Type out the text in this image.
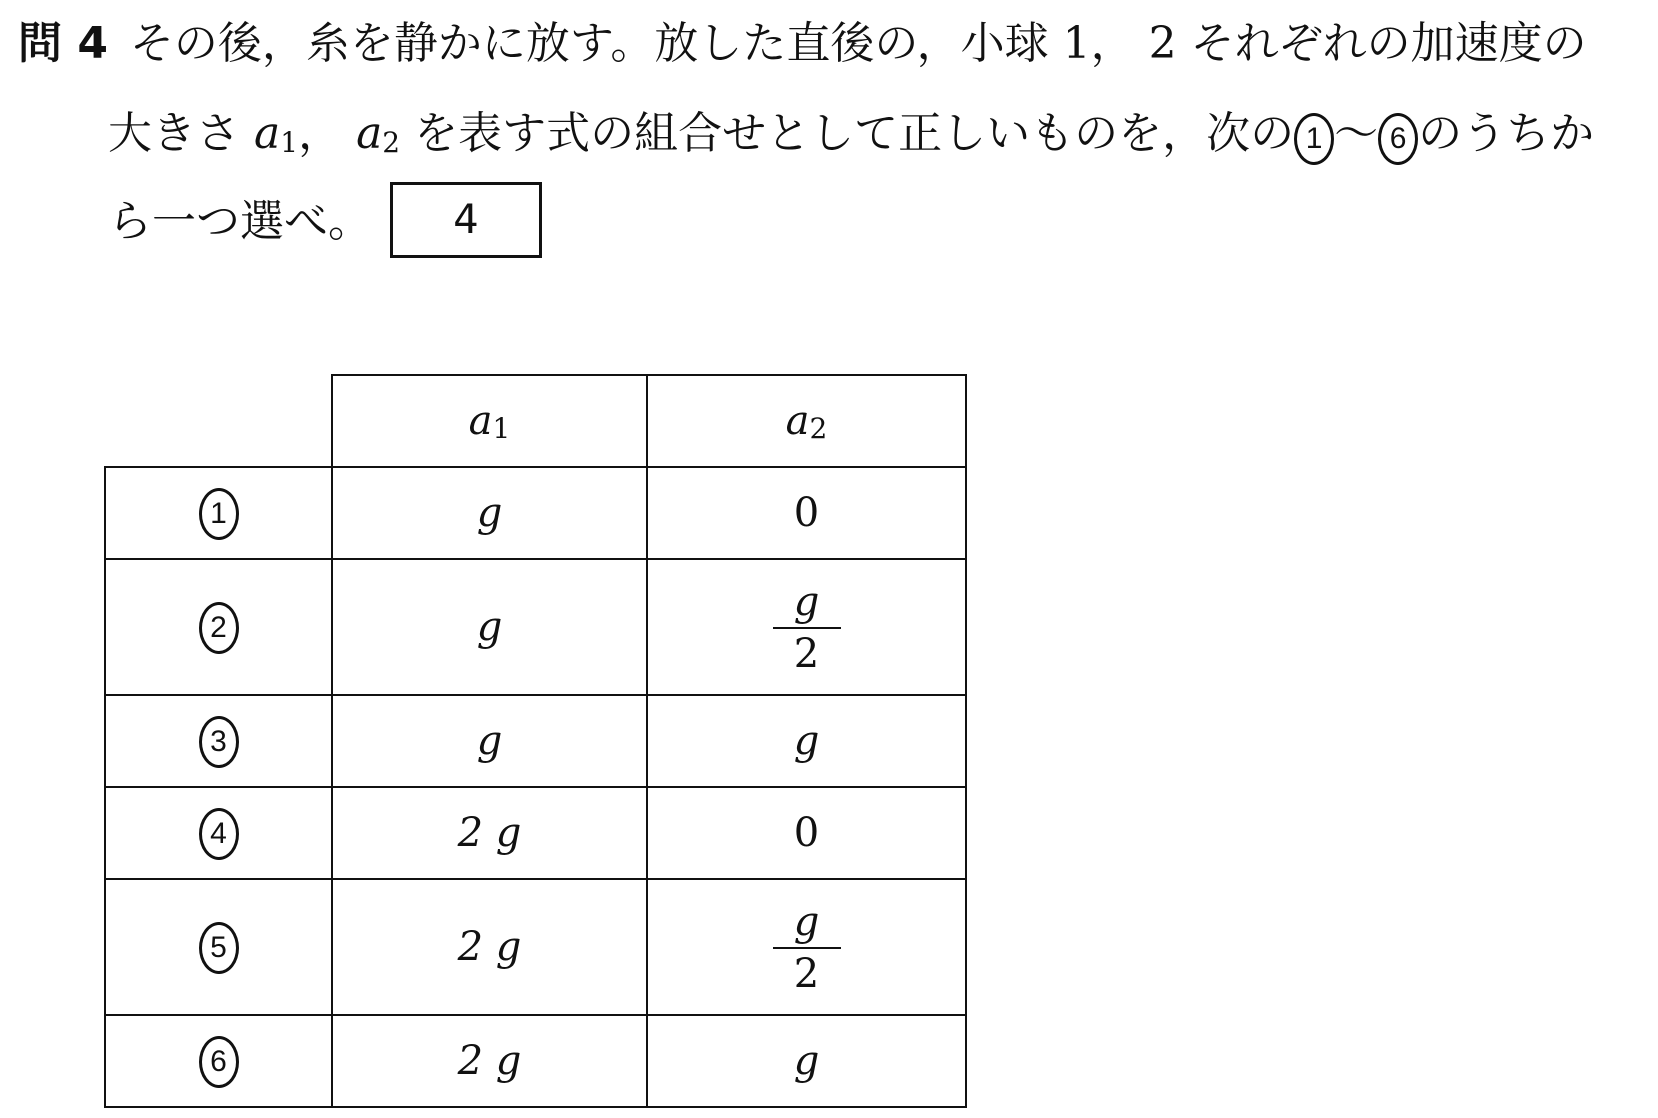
問 4 その後，糸を静かに放す。放した直後の，小球 1， 2 それぞれの加速度の
大きさ a1， a2 を表す式の組合せとして正しいものを，次の 1 〜 6 のうちか
ら一つ選べ。	4
	a1	a2
1	g	0
2	g	$\frac{g}{2}$

3	g	g
4	2 g	0
5	2 g	$\frac{g}{2}$

6	2 g	g
